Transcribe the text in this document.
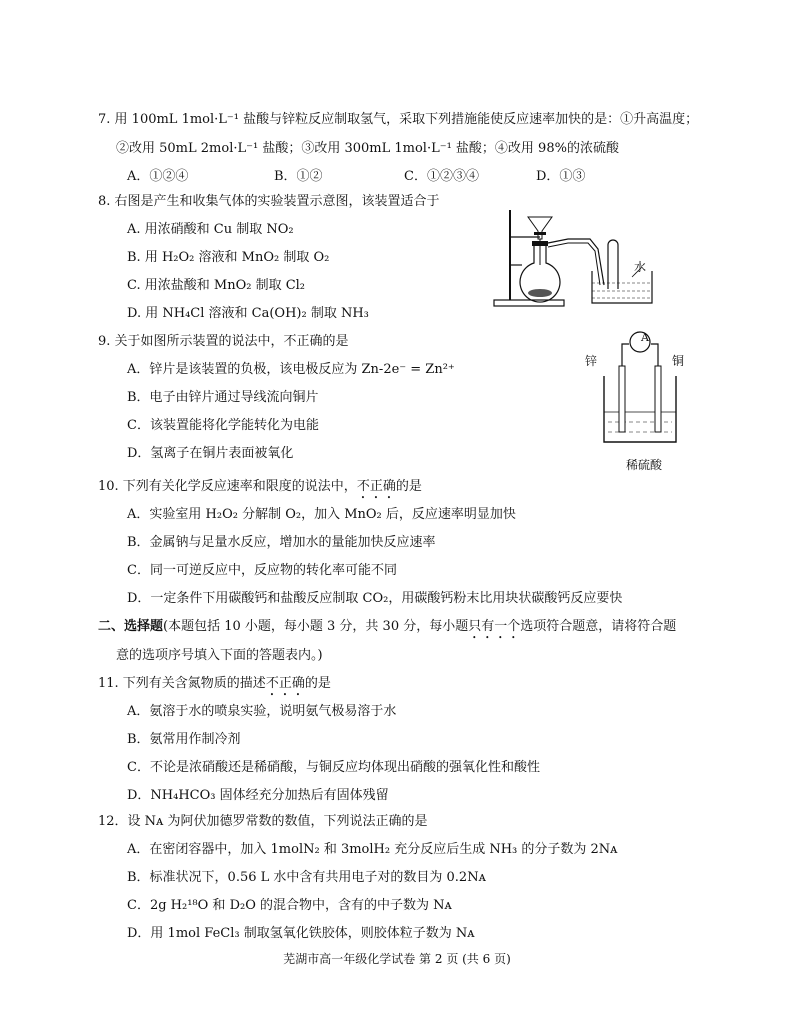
7. 用 100mL 1mol·L⁻¹ 盐酸与锌粒反应制取氢气，采取下列措施能使反应速率加快的是：①升高温度；
②改用 50mL 2mol·L⁻¹ 盐酸；③改用 300mL 1mol·L⁻¹ 盐酸；④改用 98%的浓硫酸
A．①②④	B．①②	C．①②③④	D．①③
8. 右图是产生和收集气体的实验装置示意图，该装置适合于
A. 用浓硝酸和 Cu 制取 NO₂
B. 用 H₂O₂ 溶液和 MnO₂ 制取 O₂
C. 用浓盐酸和 MnO₂ 制取 Cl₂
D. 用 NH₄Cl 溶液和 Ca(OH)₂ 制取 NH₃
水
9. 关于如图所示装置的说法中，不正确的是
A．锌片是该装置的负极，该电极反应为 Zn-2e⁻ = Zn²⁺
B．电子由锌片通过导线流向铜片
C．该装置能将化学能转化为电能
D．氢离子在铜片表面被氧化
A
锌	铜
稀硫酸
10. 下列有关化学反应速率和限度的说法中，不正确的是
A．实验室用 H₂O₂ 分解制 O₂，加入 MnO₂ 后，反应速率明显加快
B．金属钠与足量水反应，增加水的量能加快反应速率
C．同一可逆反应中，反应物的转化率可能不同
D．一定条件下用碳酸钙和盐酸反应制取 CO₂，用碳酸钙粉末比用块状碳酸钙反应要快
二、选择题(本题包括 10 小题，每小题 3 分，共 30 分，每小题只有一个选项符合题意，请将符合题
意的选项序号填入下面的答题表内。)
11. 下列有关含氮物质的描述不正确的是
A．氨溶于水的喷泉实验，说明氨气极易溶于水
B．氨常用作制冷剂
C．不论是浓硝酸还是稀硝酸，与铜反应均体现出硝酸的强氧化性和酸性
D．NH₄HCO₃ 固体经充分加热后有固体残留
12．设 Nᴀ 为阿伏加德罗常数的数值，下列说法正确的是
A．在密闭容器中，加入 1molN₂ 和 3molH₂ 充分反应后生成 NH₃ 的分子数为 2Nᴀ
B．标准状况下，0.56 L 水中含有共用电子对的数目为 0.2Nᴀ
C．2g H₂¹⁸O 和 D₂O 的混合物中，含有的中子数为 Nᴀ
D．用 1mol FeCl₃ 制取氢氧化铁胶体，则胶体粒子数为 Nᴀ
芜湖市高一年级化学试卷 第 2 页 (共 6 页)
